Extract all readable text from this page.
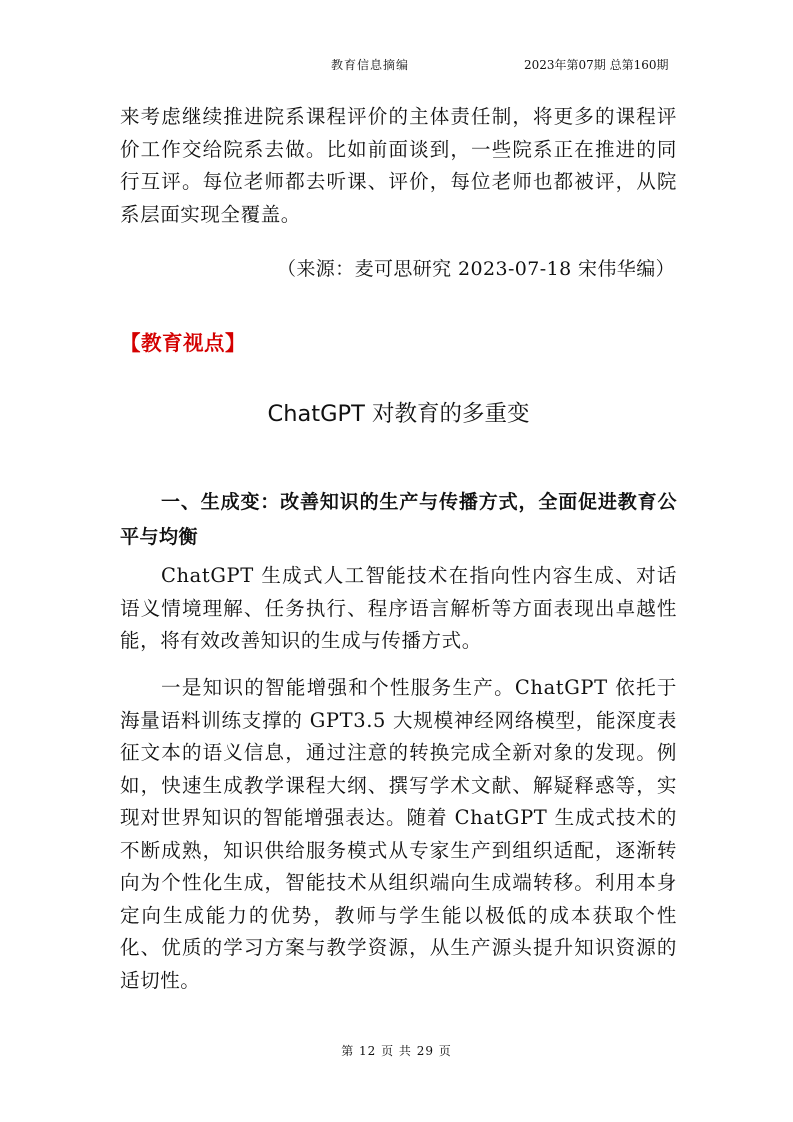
教育信息摘编	2023年第07期 总第160期

来考虑继续推进院系课程评价的主体责任制，将更多的课程评价工作交给院系去做。比如前面谈到，一些院系正在推进的同行互评。每位老师都去听课、评价，每位老师也都被评，从院系层面实现全覆盖。

（来源：麦可思研究 2023-07-18 宋伟华编）
【教育视点】
ChatGPT 对教育的多重变

一、生成变：改善知识的生产与传播方式，全面促进教育公平与均衡

ChatGPT 生成式人工智能技术在指向性内容生成、对话语义情境理解、任务执行、程序语言解析等方面表现出卓越性能，将有效改善知识的生成与传播方式。

一是知识的智能增强和个性服务生产。ChatGPT 依托于海量语料训练支撑的 GPT3.5 大规模神经网络模型，能深度表征文本的语义信息，通过注意的转换完成全新对象的发现。例如，快速生成教学课程大纲、撰写学术文献、解疑释惑等，实现对世界知识的智能增强表达。随着 ChatGPT 生成式技术的不断成熟，知识供给服务模式从专家生产到组织适配，逐渐转向为个性化生成，智能技术从组织端向生成端转移。利用本身定向生成能力的优势，教师与学生能以极低的成本获取个性化、优质的学习方案与教学资源，从生产源头提升知识资源的适切性。

第 12 页 共 29 页
